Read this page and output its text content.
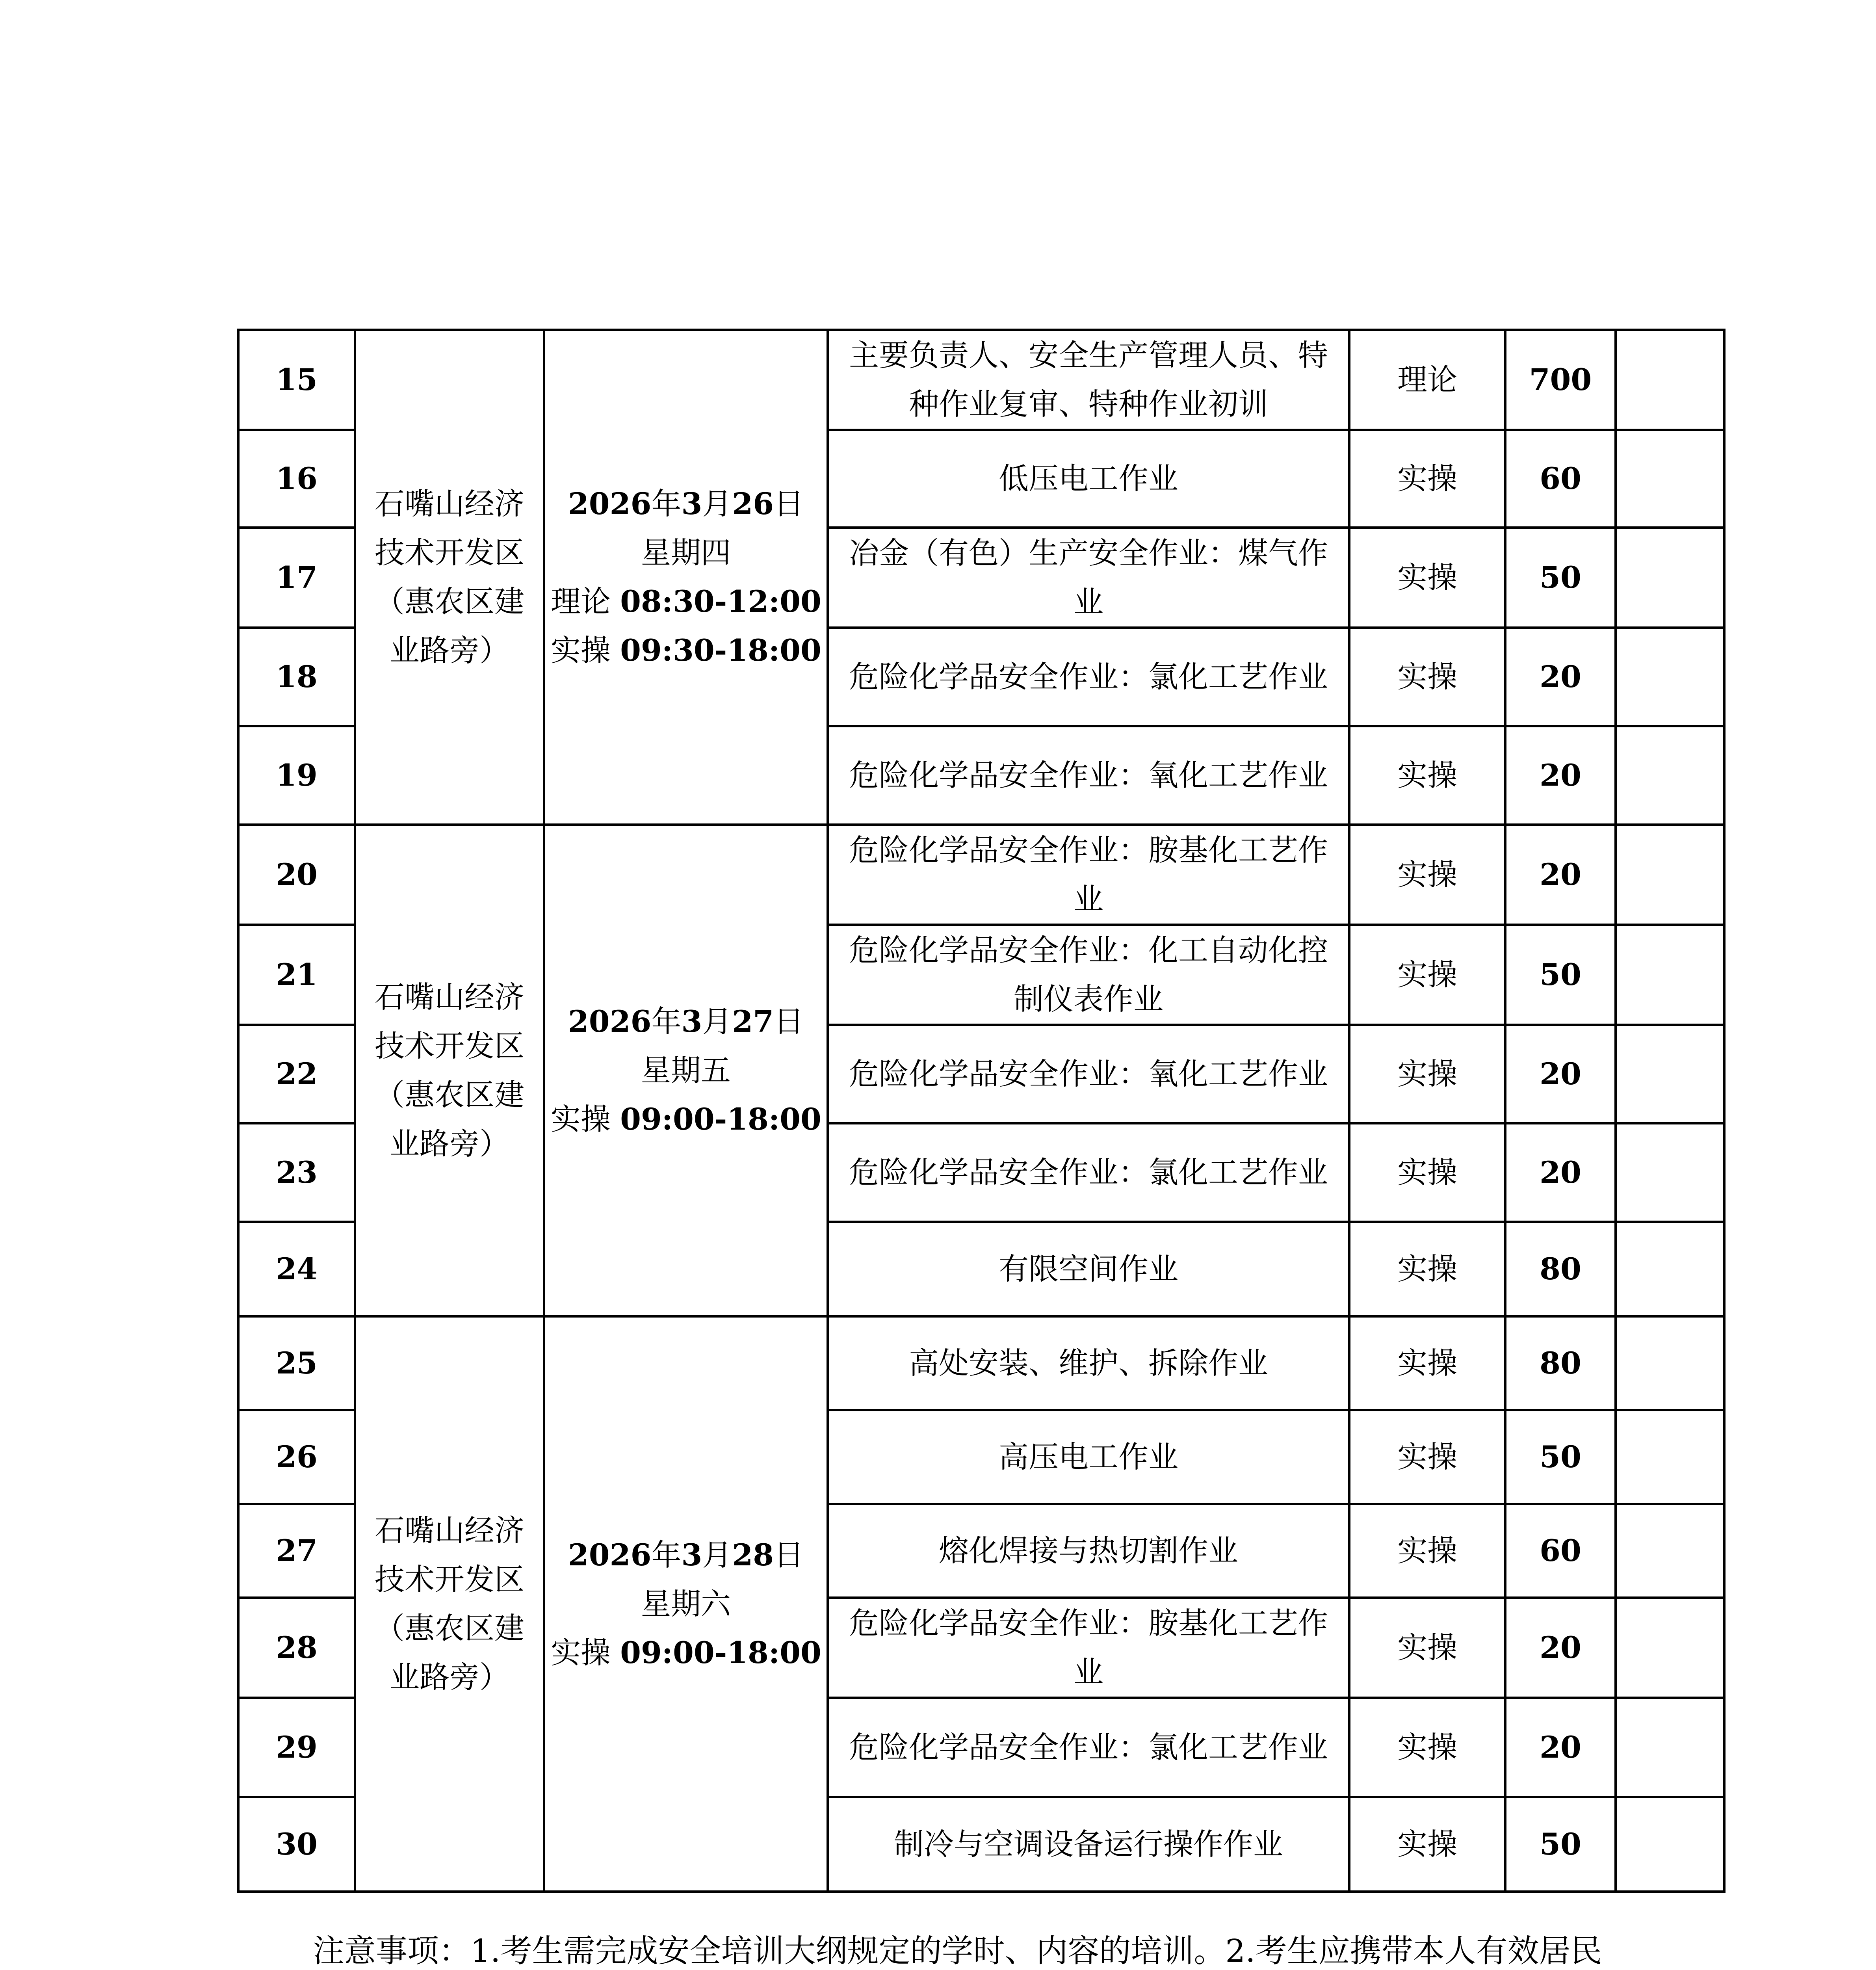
15	石嘴山经济技术开发区（惠农区建业路旁）	2026年3月26日
星期四
理论 08:30-12:00
实操 09:30-18:00	主要负责人、安全生产管理人员、特种作业复审、特种作业初训	理论	700	
16			低压电工作业	实操	60	
17			冶金（有色）生产安全作业：煤气作业	实操	50	
18			危险化学品安全作业：氯化工艺作业	实操	20	
19			危险化学品安全作业：氧化工艺作业	实操	20	
20	石嘴山经济技术开发区（惠农区建业路旁）	2026年3月27日
星期五
实操 09:00-18:00	危险化学品安全作业：胺基化工艺作业	实操	20	
21			危险化学品安全作业：化工自动化控制仪表作业	实操	50	
22			危险化学品安全作业：氧化工艺作业	实操	20	
23			危险化学品安全作业：氯化工艺作业	实操	20	
24			有限空间作业	实操	80	
25	石嘴山经济技术开发区（惠农区建业路旁）	2026年3月28日
星期六
实操 09:00-18:00	高处安装、维护、拆除作业	实操	80	
26			高压电工作业	实操	50	
27			熔化焊接与热切割作业	实操	60	
28			危险化学品安全作业：胺基化工艺作业	实操	20	
29			危险化学品安全作业：氯化工艺作业	实操	20	
30			制冷与空调设备运行操作作业	实操	50	

注意事项：1.考生需完成安全培训大纲规定的学时、内容的培训。2.考生应携带本人有效居民
